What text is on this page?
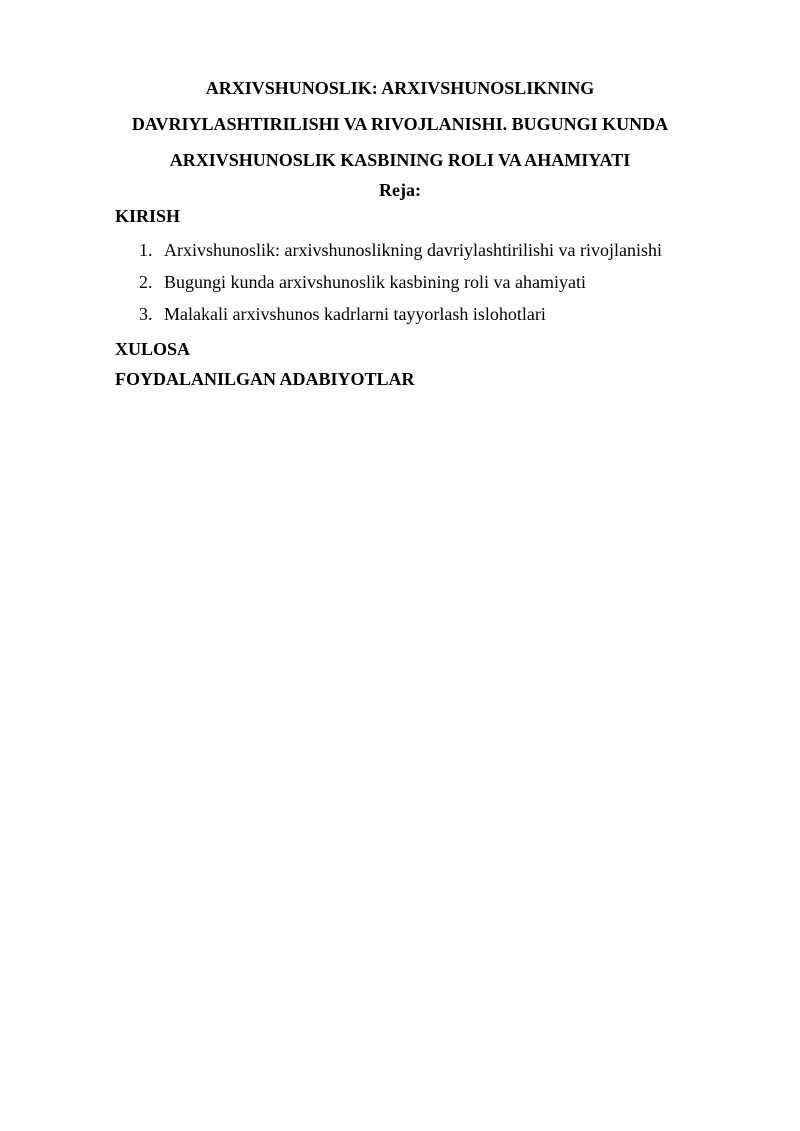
ARXIVSHUNOSLIK: ARXIVSHUNOSLIKNING
DAVRIYLASHTIRILISHI VA RIVOJLANISHI. BUGUNGI KUNDA
ARXIVSHUNOSLIK KASBINING ROLI VA AHAMIYATI

Reja:

KIRISH

1. Arxivshunoslik: arxivshunoslikning davriylashtirilishi va rivojlanishi
2. Bugungi kunda arxivshunoslik kasbining roli va ahamiyati
3. Malakali arxivshunos kadrlarni tayyorlash islohotlari

XULOSA

FOYDALANILGAN ADABIYOTLAR
